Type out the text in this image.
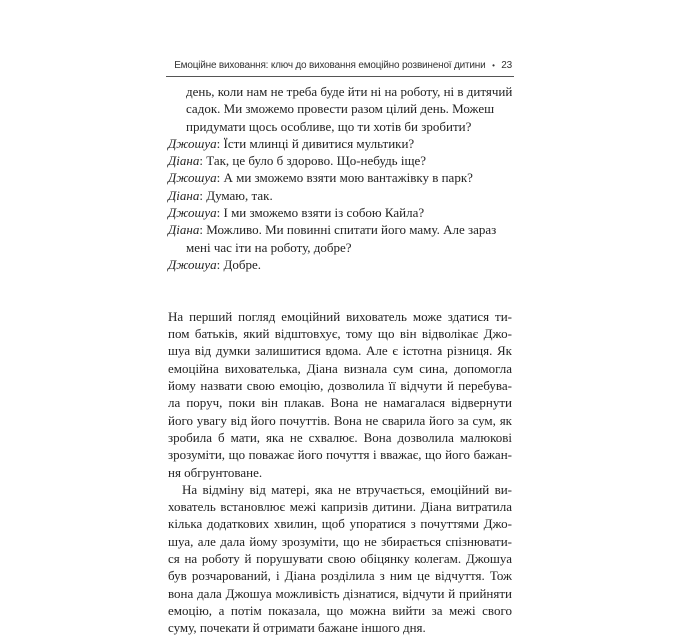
Емоційне виховання: ключ до виховання емоційно розвиненої дитини • 23
день, коли нам не треба буде йти ні на роботу, ні в дитячий
садок. Ми зможемо провести разом цілий день. Можеш
придумати щось особливе, що ти хотів би зробити?
Джошуа: Їсти млинці й дивитися мультики?
Діана: Так, це було б здорово. Що-небудь іще?
Джошуа: А ми зможемо взяти мою вантажівку в парк?
Діана: Думаю, так.
Джошуа: І ми зможемо взяти із собою Кайла?
Діана: Можливо. Ми повинні спитати його маму. Але зараз
мені час іти на роботу, добре?
Джошуа: Добре.
На перший погляд емоційний вихователь може здатися ти-
пом батьків, який відштовхує, тому що він відволікає Джо-
шуа від думки залишитися вдома. Але є істотна різниця. Як
емоційна вихователька, Діана визнала сум сина, допомогла
йому назвати свою емоцію, дозволила її відчути й перебува-
ла поруч, поки він плакав. Вона не намагалася відвернути
його увагу від його почуттів. Вона не сварила його за сум, як
зробила б мати, яка не схвалює. Вона дозволила малюкові
зрозуміти, що поважає його почуття і вважає, що його бажан-
ня обгрунтоване.
На відміну від матері, яка не втручається, емоційний ви-
хователь встановлює межі капризів дитини. Діана витратила
кілька додаткових хвилин, щоб упоратися з почуттями Джо-
шуа, але дала йому зрозуміти, що не збирається спізнювати-
ся на роботу й порушувати свою обіцянку колегам. Джошуа
був розчарований, і Діана розділила з ним це відчуття. Тож
вона дала Джошуа можливість дізнатися, відчути й прийняти
емоцію, а потім показала, що можна вийти за межі свого
суму, почекати й отримати бажане іншого дня.
